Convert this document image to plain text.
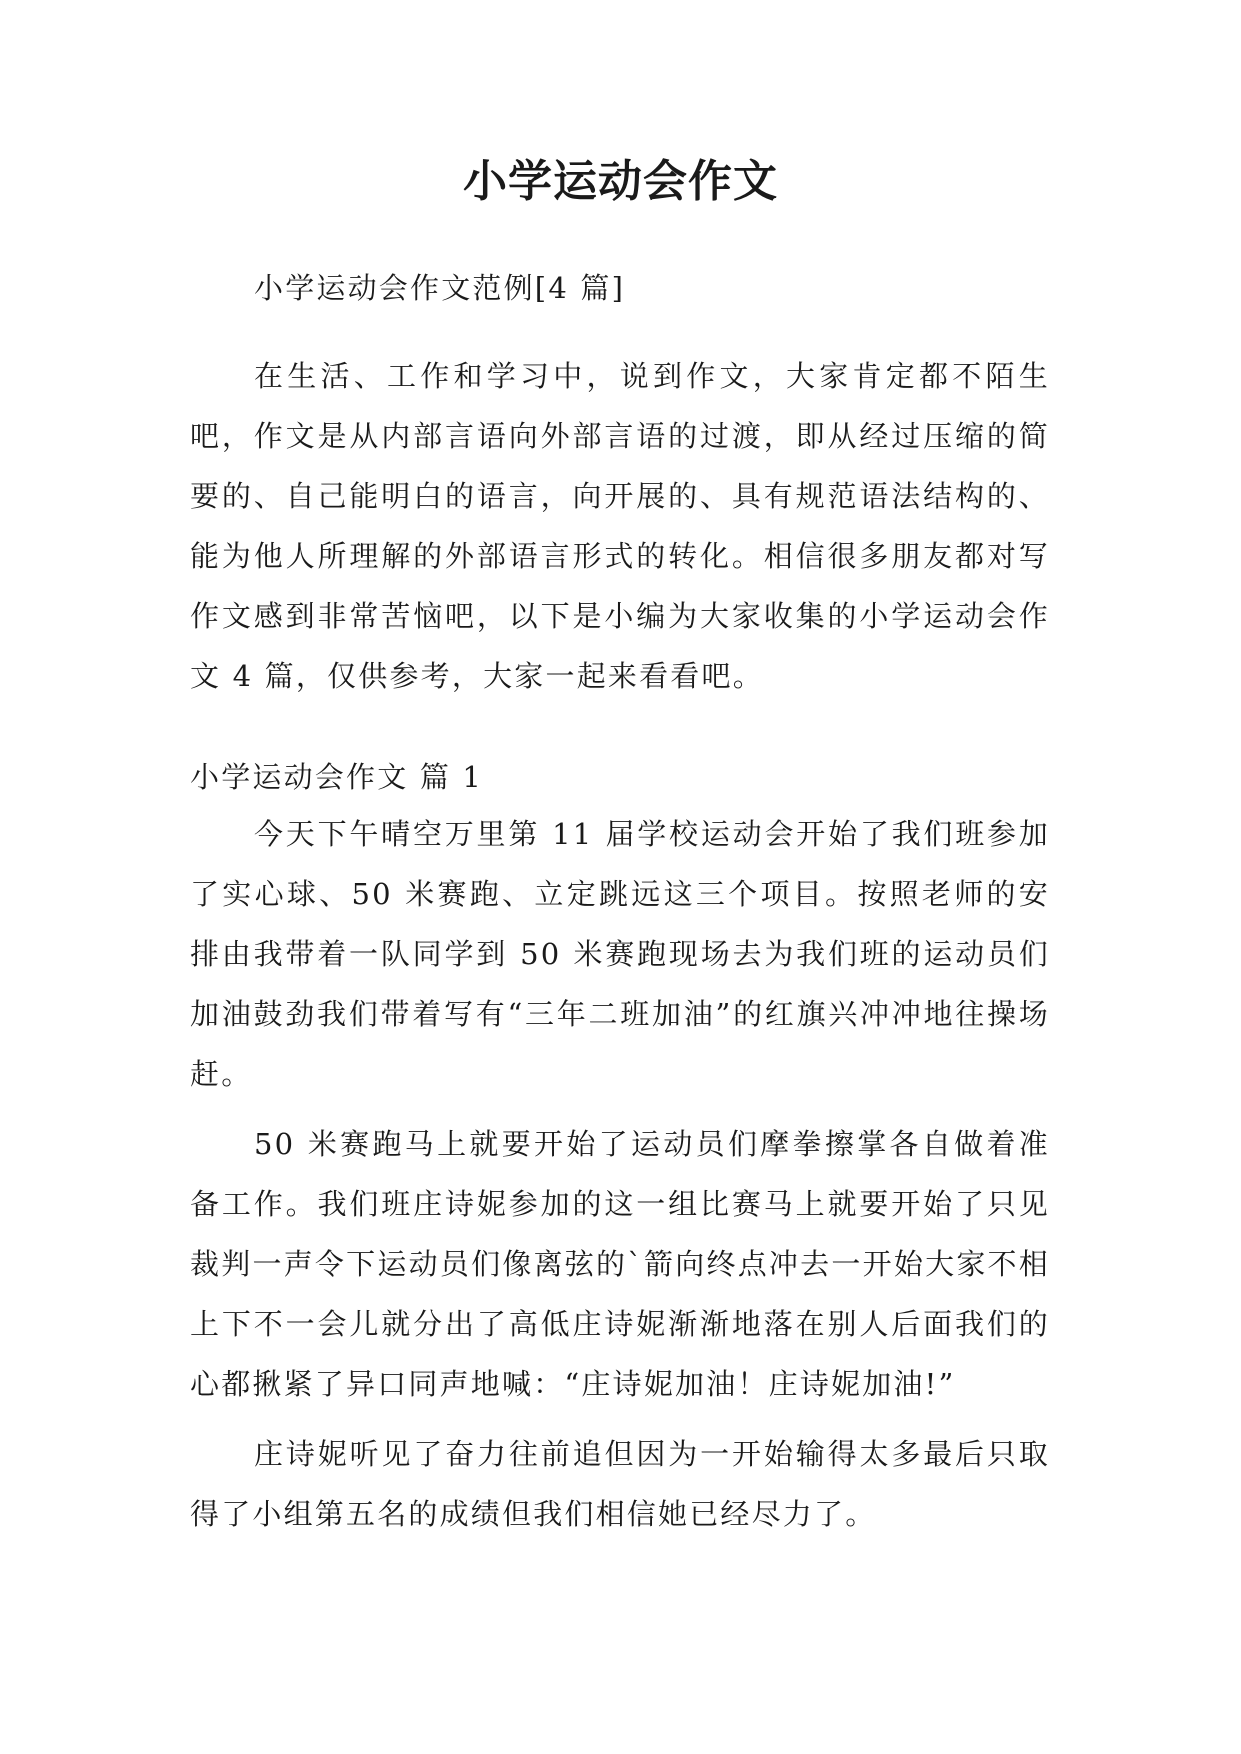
小学运动会作文
小学运动会作文范例[4 篇]
在生活、工作和学习中，说到作文，大家肯定都不陌生吧，作文是从内部言语向外部言语的过渡，即从经过压缩的简要的、自己能明白的语言，向开展的、具有规范语法结构的、能为他人所理解的外部语言形式的转化。相信很多朋友都对写作文感到非常苦恼吧，以下是小编为大家收集的小学运动会作文 4 篇，仅供参考，大家一起来看看吧。
小学运动会作文 篇 1

今天下午晴空万里第 11 届学校运动会开始了我们班参加了实心球、50 米赛跑、立定跳远这三个项目。按照老师的安排由我带着一队同学到 50 米赛跑现场去为我们班的运动员们加油鼓劲我们带着写有“三年二班加油”的红旗兴冲冲地往操场赶。

50 米赛跑马上就要开始了运动员们摩拳擦掌各自做着准备工作。我们班庄诗妮参加的这一组比赛马上就要开始了只见裁判一声令下运动员们像离弦的`箭向终点冲去一开始大家不相上下不一会儿就分出了高低庄诗妮渐渐地落在别人后面我们的心都揪紧了异口同声地喊：“庄诗妮加油！庄诗妮加油!”

庄诗妮听见了奋力往前追但因为一开始输得太多最后只取得了小组第五名的成绩但我们相信她已经尽力了。
